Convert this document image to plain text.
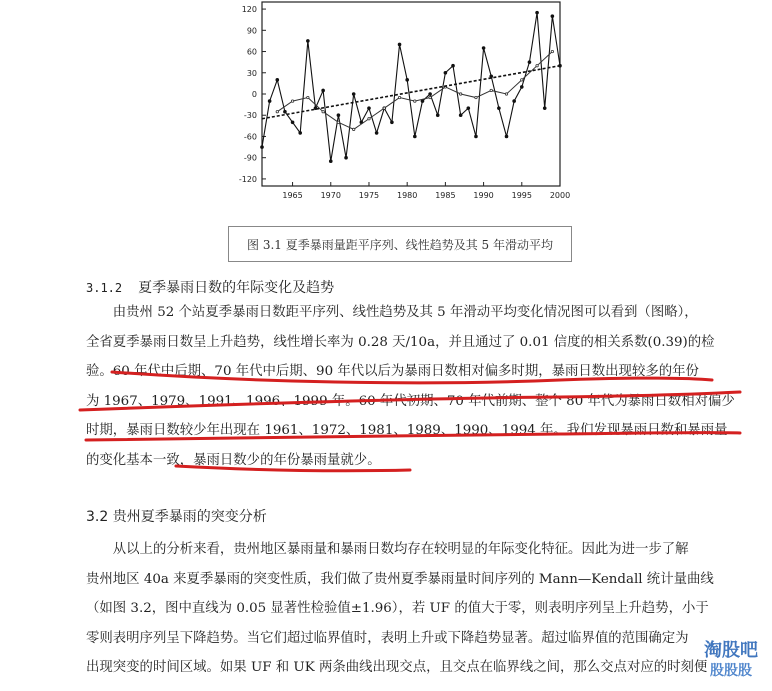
120
90
60
30
0
-30
-60
-90
-120
1965 1970 1975 1980 1985 1990 1995 2000
图 3.1 夏季暴雨量距平序列、线性趋势及其 5 年滑动平均
3.1.2 夏季暴雨日数的年际变化及趋势
　　由贵州 52 个站夏季暴雨日数距平序列、线性趋势及其 5 年滑动平均变化情况图可以看到（图略），
全省夏季暴雨日数呈上升趋势，线性增长率为 0.28 天/10a，并且通过了 0.01 信度的相关系数(0.39)的检
验。60 年代中后期、70 年代中后期、90 年代以后为暴雨日数相对偏多时期，暴雨日数出现较多的年份
为 1967、1979、1991、1996、1999 年。60 年代初期、70 年代前期、整个 80 年代为暴雨日数相对偏少
时期，暴雨日数较少年出现在 1961、1972、1981、1989、1990、1994 年。我们发现暴雨日数和暴雨量
的变化基本一致，暴雨日数少的年份暴雨量就少。
3.2 贵州夏季暴雨的突变分析
　　从以上的分析来看，贵州地区暴雨量和暴雨日数均存在较明显的年际变化特征。因此为进一步了解
贵州地区 40a 来夏季暴雨的突变性质，我们做了贵州夏季暴雨量时间序列的 Mann—Kendall 统计量曲线
（如图 3.2，图中直线为 0.05 显著性检验值±1.96），若 UF 的值大于零，则表明序列呈上升趋势，小于
零则表明序列呈下降趋势。当它们超过临界值时，表明上升或下降趋势显著。超过临界值的范围确定为
出现突变的时间区域。如果 UF 和 UK 两条曲线出现交点，且交点在临界线之间，那么交点对应的时刻便
淘股吧
股股股
